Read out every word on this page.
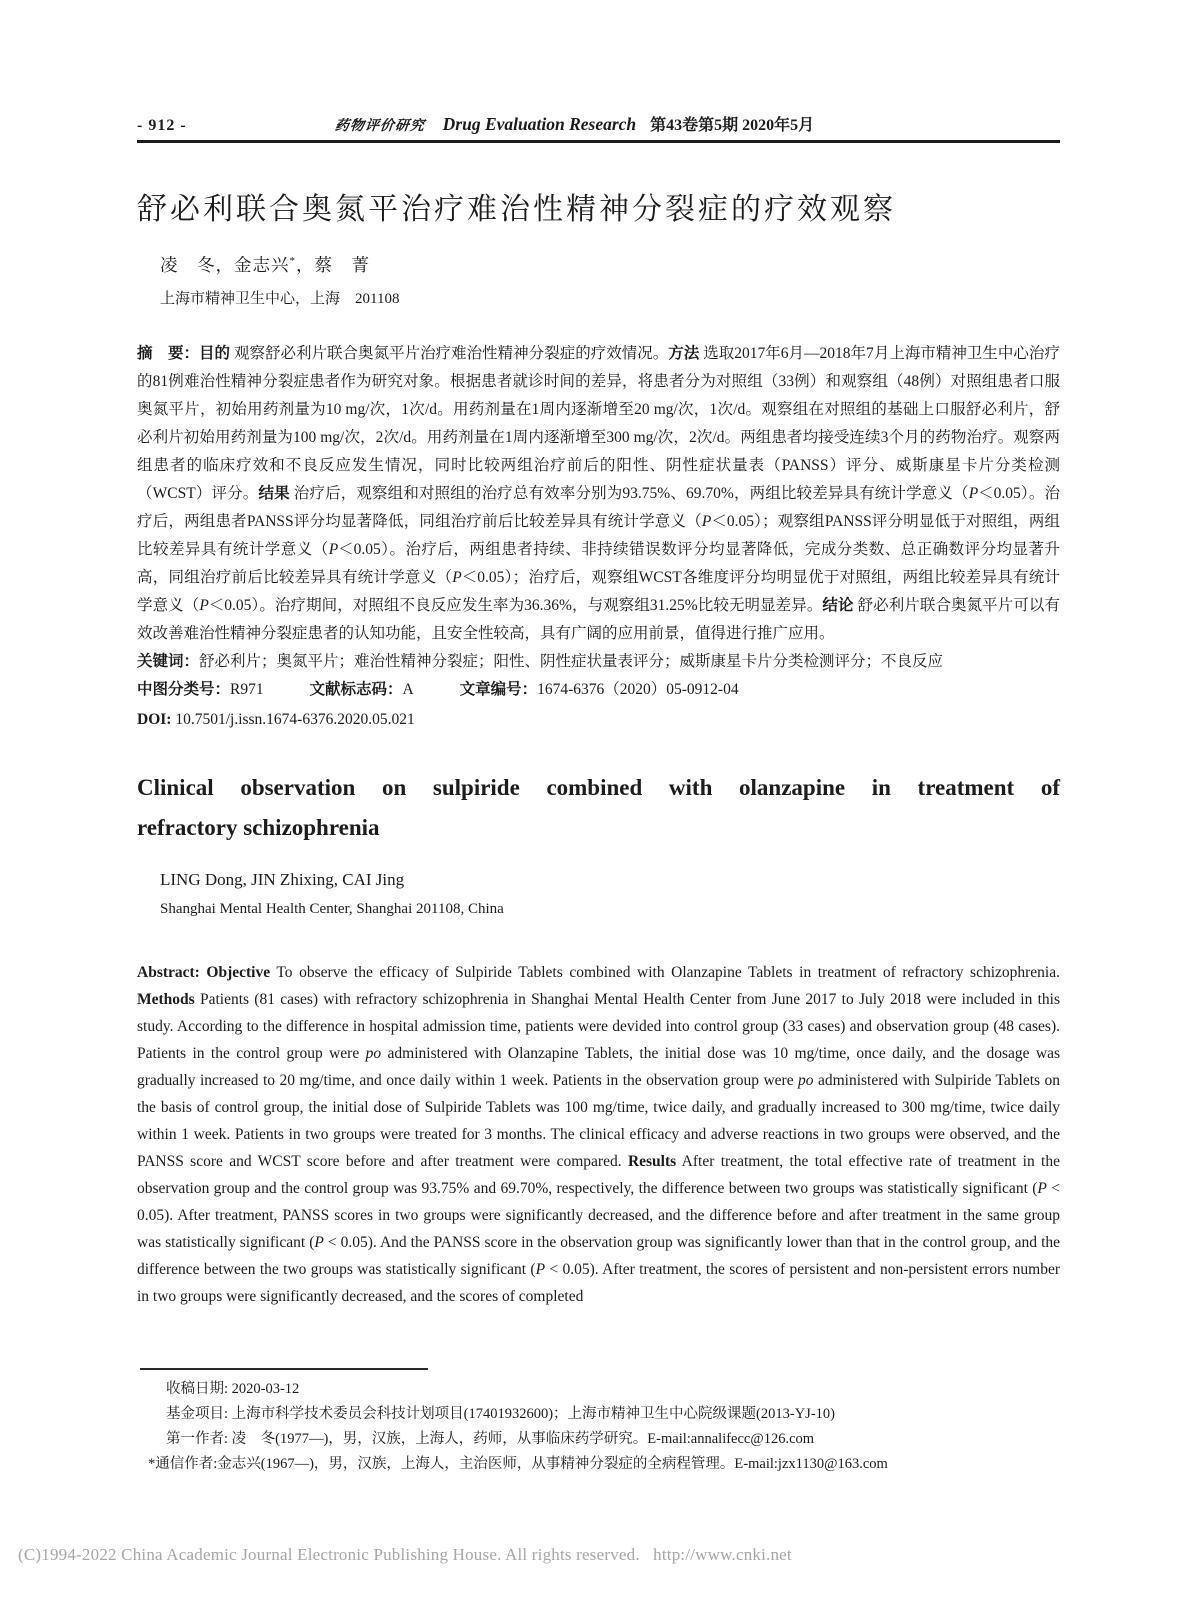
- 912 -	药物评价研究 Drug Evaluation Research 第43卷第5期 2020年5月
舒必利联合奥氮平治疗难治性精神分裂症的疗效观察
凌　冬，金志兴*，蔡　菁
上海市精神卫生中心，上海　201108

摘　要：目的 观察舒必利片联合奥氮平片治疗难治性精神分裂症的疗效情况。方法 选取2017年6月—2018年7月上海市精神卫生中心治疗的81例难治性精神分裂症患者作为研究对象。根据患者就诊时间的差异，将患者分为对照组（33例）和观察组（48例）对照组患者口服奥氮平片，初始用药剂量为10 mg/次，1次/d。用药剂量在1周内逐渐增至20 mg/次，1次/d。观察组在对照组的基础上口服舒必利片，舒必利片初始用药剂量为100 mg/次，2次/d。用药剂量在1周内逐渐增至300 mg/次，2次/d。两组患者均接受连续3个月的药物治疗。观察两组患者的临床疗效和不良反应发生情况，同时比较两组治疗前后的阳性、阴性症状量表（PANSS）评分、威斯康星卡片分类检测（WCST）评分。结果 治疗后，观察组和对照组的治疗总有效率分别为93.75%、69.70%，两组比较差异具有统计学意义（P＜0.05）。治疗后，两组患者PANSS评分均显著降低，同组治疗前后比较差异具有统计学意义（P＜0.05）；观察组PANSS评分明显低于对照组，两组比较差异具有统计学意义（P＜0.05）。治疗后，两组患者持续、非持续错误数评分均显著降低，完成分类数、总正确数评分均显著升高，同组治疗前后比较差异具有统计学意义（P＜0.05）；治疗后，观察组WCST各维度评分均明显优于对照组，两组比较差异具有统计学意义（P＜0.05）。治疗期间，对照组不良反应发生率为36.36%，与观察组31.25%比较无明显差异。结论 舒必利片联合奥氮平片可以有效改善难治性精神分裂症患者的认知功能，且安全性较高，具有广阔的应用前景，值得进行推广应用。

关键词：舒必利片；奥氮平片；难治性精神分裂症；阳性、阴性症状量表评分；威斯康星卡片分类检测评分；不良反应
中图分类号：R971	文献标志码：A	文章编号：1674-6376（2020）05-0912-04
DOI: 10.7501/j.issn.1674-6376.2020.05.021
Clinical observation on sulpiride combined with olanzapine in treatment of
refractory schizophrenia
LING Dong, JIN Zhixing, CAI Jing
Shanghai Mental Health Center, Shanghai 201108, China
Abstract: Objective To observe the efficacy of Sulpiride Tablets combined with Olanzapine Tablets in treatment of refractory schizophrenia. Methods Patients (81 cases) with refractory schizophrenia in Shanghai Mental Health Center from June 2017 to July 2018 were included in this study. According to the difference in hospital admission time, patients were devided into control group (33 cases) and observation group (48 cases). Patients in the control group were po administered with Olanzapine Tablets, the initial dose was 10 mg/time, once daily, and the dosage was gradually increased to 20 mg/time, and once daily within 1 week. Patients in the observation group were po administered with Sulpiride Tablets on the basis of control group, the initial dose of Sulpiride Tablets was 100 mg/time, twice daily, and gradually increased to 300 mg/time, twice daily within 1 week. Patients in two groups were treated for 3 months. The clinical efficacy and adverse reactions in two groups were observed, and the PANSS score and WCST score before and after treatment were compared. Results After treatment, the total effective rate of treatment in the observation group and the control group was 93.75% and 69.70%, respectively, the difference between two groups was statistically significant (P < 0.05). After treatment, PANSS scores in two groups were significantly decreased, and the difference before and after treatment in the same group was statistically significant (P < 0.05). And the PANSS score in the observation group was significantly lower than that in the control group, and the difference between the two groups was statistically significant (P < 0.05). After treatment, the scores of persistent and non-persistent errors number in two groups were significantly decreased, and the scores of completed
收稿日期: 2020-03-12
基金项目: 上海市科学技术委员会科技计划项目(17401932600)；上海市精神卫生中心院级课题(2013-YJ-10)
第一作者: 凌　冬(1977—)，男，汉族，上海人，药师，从事临床药学研究。E-mail:annalifecc@126.com
*通信作者:金志兴(1967—)，男，汉族，上海人，主治医师，从事精神分裂症的全病程管理。E-mail:jzx1130@163.com
(C)1994-2022 China Academic Journal Electronic Publishing House. All rights reserved.   http://www.cnki.net
